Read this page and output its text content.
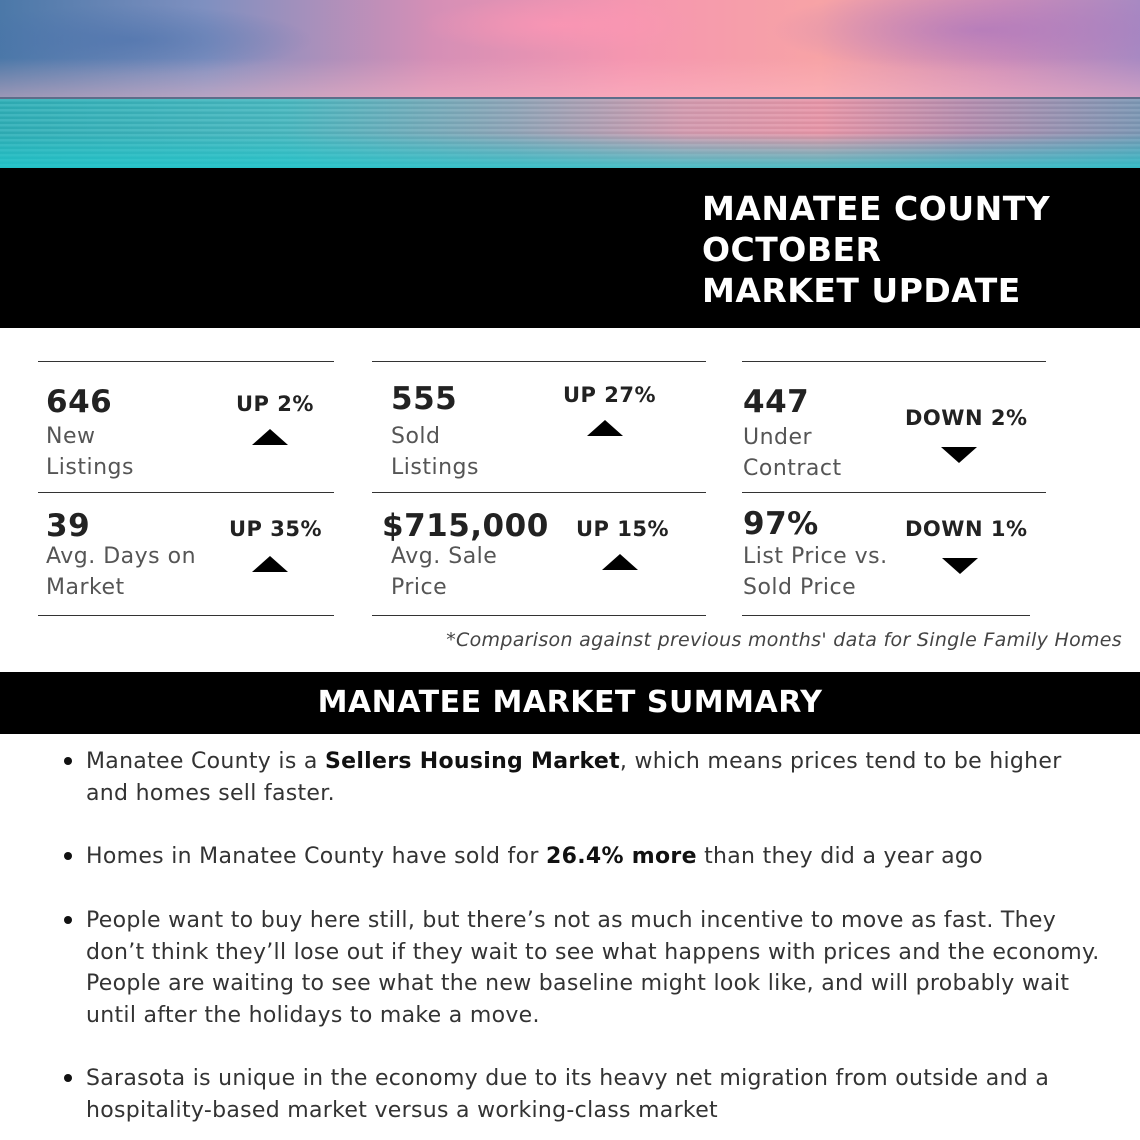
MANATEE COUNTY
OCTOBER
MARKET UPDATE
646
New
Listings
UP 2% 555
Sold
Listings
UP 27%	447
Under
Contract
DOWN 2%
39
Avg. Days on
Market
UP 35% $715,000
Avg. Sale
Price
UP 15% 97%
List Price vs.
Sold Price
DOWN 1%

*Comparison against previous months' data for Single Family Homes

MANATEE MARKET SUMMARY
Manatee County is a Sellers Housing Market, which means prices tend to be higher
and homes sell faster.
Homes in Manatee County have sold for 26.4% more than they did a year ago
People want to buy here still, but there’s not as much incentive to move as fast. They
don’t think they’ll lose out if they wait to see what happens with prices and the economy.
People are waiting to see what the new baseline might look like, and will probably wait
until after the holidays to make a move.
Sarasota is unique in the economy due to its heavy net migration from outside and a
hospitality-based market versus a working-class market
